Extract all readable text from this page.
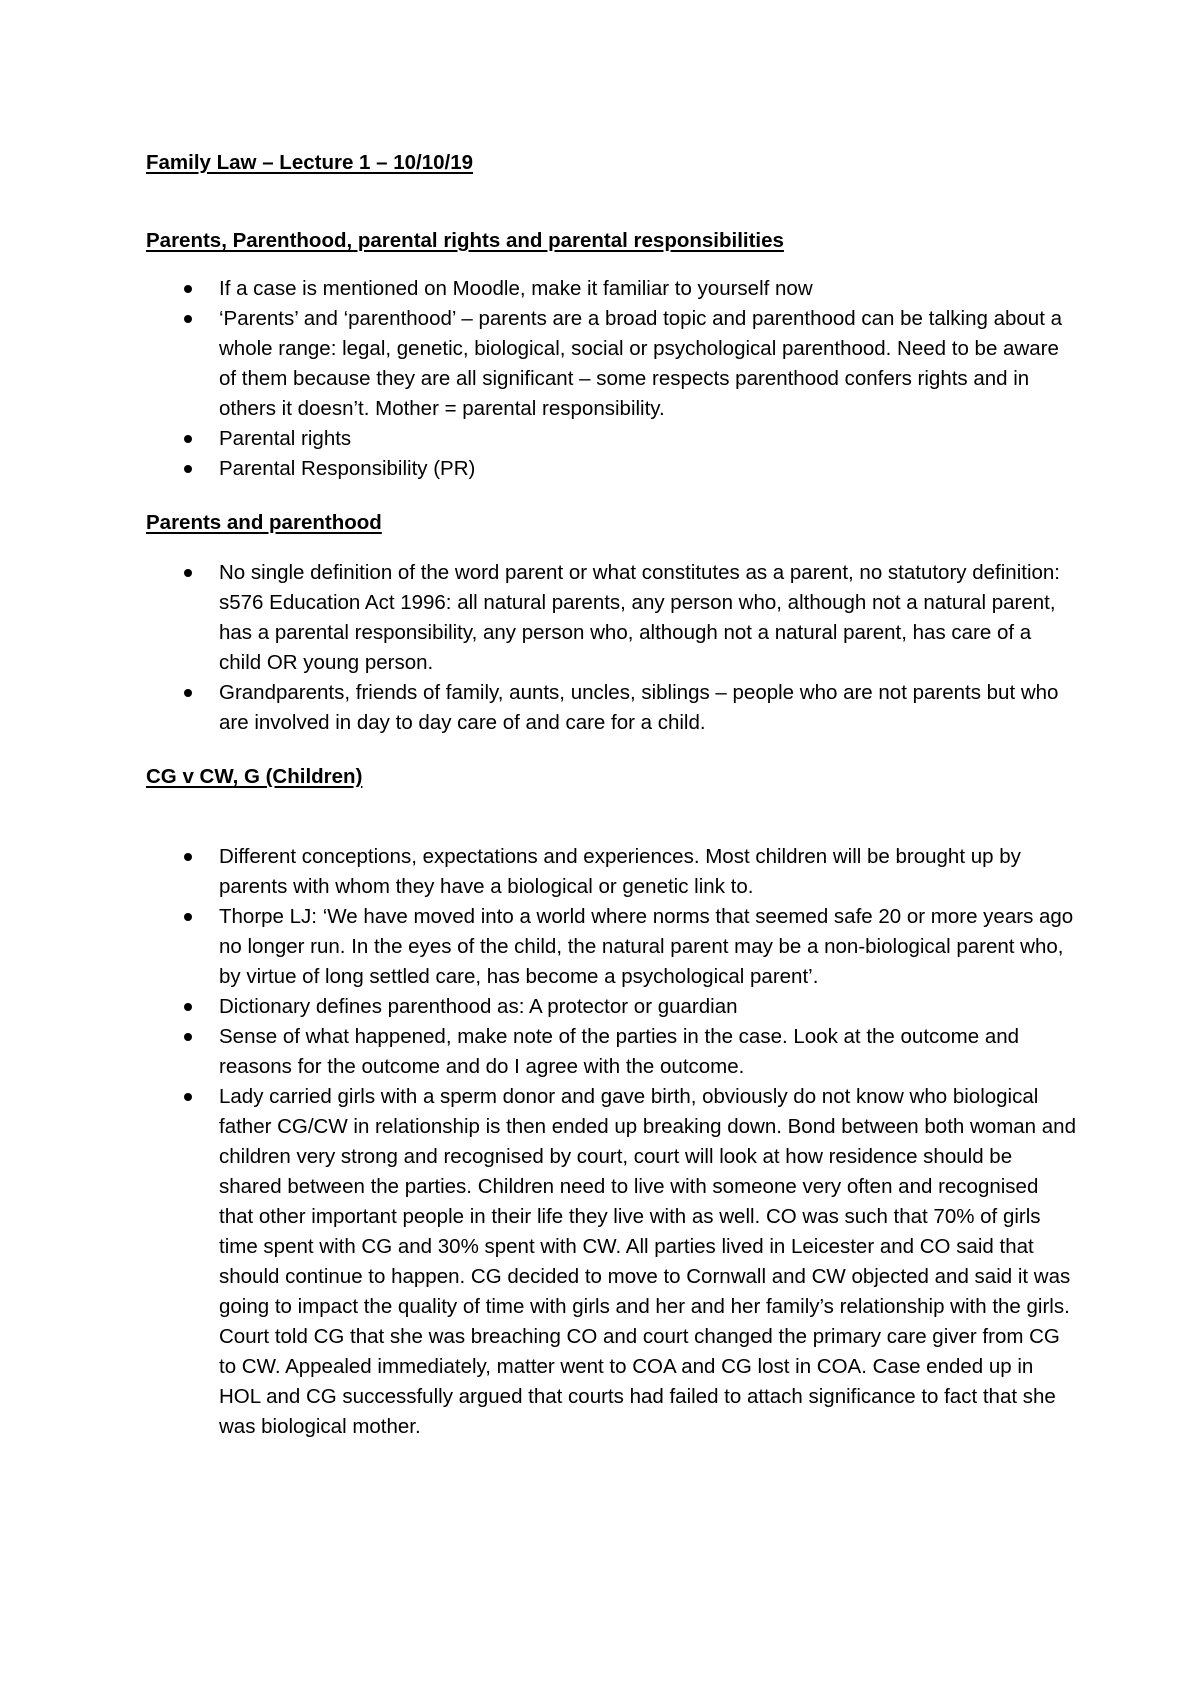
Family Law – Lecture 1 – 10/10/19

Parents, Parenthood, parental rights and parental responsibilities

If a case is mentioned on Moodle, make it familiar to yourself now
‘Parents’ and ‘parenthood’ – parents are a broad topic and parenthood can be talking about a whole range: legal, genetic, biological, social or psychological parenthood. Need to be aware of them because they are all significant – some respects parenthood confers rights and in others it doesn’t. Mother = parental responsibility.
Parental rights
Parental Responsibility (PR)

Parents and parenthood

No single definition of the word parent or what constitutes as a parent, no statutory definition: s576 Education Act 1996: all natural parents, any person who, although not a natural parent, has a parental responsibility, any person who, although not a natural parent, has care of a child OR young person.
Grandparents, friends of family, aunts, uncles, siblings – people who are not parents but who are involved in day to day care of and care for a child.

CG v CW, G (Children)

Different conceptions, expectations and experiences. Most children will be brought up by parents with whom they have a biological or genetic link to.
Thorpe LJ: ‘We have moved into a world where norms that seemed safe 20 or more years ago no longer run. In the eyes of the child, the natural parent may be a non-biological parent who, by virtue of long settled care, has become a psychological parent’.
Dictionary defines parenthood as: A protector or guardian
Sense of what happened, make note of the parties in the case. Look at the outcome and reasons for the outcome and do I agree with the outcome.
Lady carried girls with a sperm donor and gave birth, obviously do not know who biological father CG/CW in relationship is then ended up breaking down. Bond between both woman and children very strong and recognised by court, court will look at how residence should be shared between the parties. Children need to live with someone very often and recognised that other important people in their life they live with as well. CO was such that 70% of girls time spent with CG and 30% spent with CW. All parties lived in Leicester and CO said that should continue to happen. CG decided to move to Cornwall and CW objected and said it was going to impact the quality of time with girls and her and her family’s relationship with the girls. Court told CG that she was breaching CO and court changed the primary care giver from CG to CW. Appealed immediately, matter went to COA and CG lost in COA. Case ended up in HOL and CG successfully argued that courts had failed to attach significance to fact that she was biological mother.
